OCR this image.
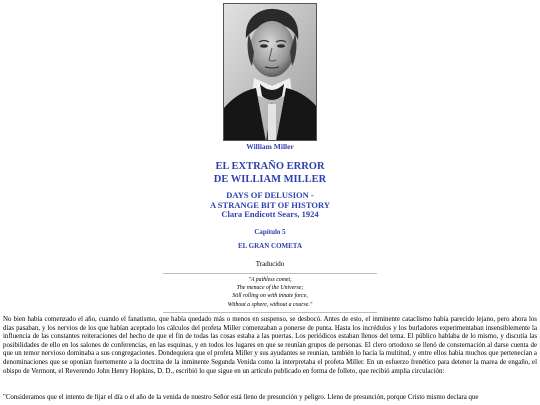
William Miller
EL EXTRAÑO ERROR
DE WILLIAM MILLER
DAYS OF DELUSION -
A STRANGE BIT OF HISTORY
Clara Endicott Sears, 1924
Capítulo 5
EL GRAN COMETA
Traducido
"A pathless comet,
The menace of the Universe;
Still rolling on with innate force,
Without a sphere, without a course."
No bien había comenzado el año, cuando el fanatismo, que había quedado más o menos en suspenso, se desbocó. Antes de esto, el inminente cataclismo había parecido lejano, pero ahora los días pasaban, y los nervios de los que habían aceptado los cálculos del profeta Miller comenzaban a ponerse de punta. Hasta los incrédulos y los burladores experimentaban insensiblemente la influencia de las constantes reiteraciones del hecho de que el fin de todas las cosas estaba a las puertas. Los periódicos estaban llenos del tema. El público hablaba de lo mismo, y discutía las posibilidades de ello en los salones de conferencias, en las esquinas, y en todos los lugares en que se reunían grupos de personas. El clero ortodoxo se llenó de consternación al darse cuenta de que un temor nervioso dominaba a sus congregaciones. Dondequiera que el profeta Miller y sus ayudantes se reunían, también lo hacía la multitud, y entre ellos había muchos que pertenecían a denominaciones que se oponían fuertemente a la doctrina de la inminente Segunda Venida como la interpretaba el profeta Miller. En un esfuerzo frenético para detener la marea de engaño, el obispo de Vermont, el Reverendo John Henry Hopkins, D. D., escribió lo que sigue en un artículo publicado en forma de folleto, que recibió amplia circulación:
"Consideramos que el intento de fijar el día o el año de la venida de nuestro Señor está lleno de presunción y peligro. Lleno de presunción, porque Cristo mismo declara que
